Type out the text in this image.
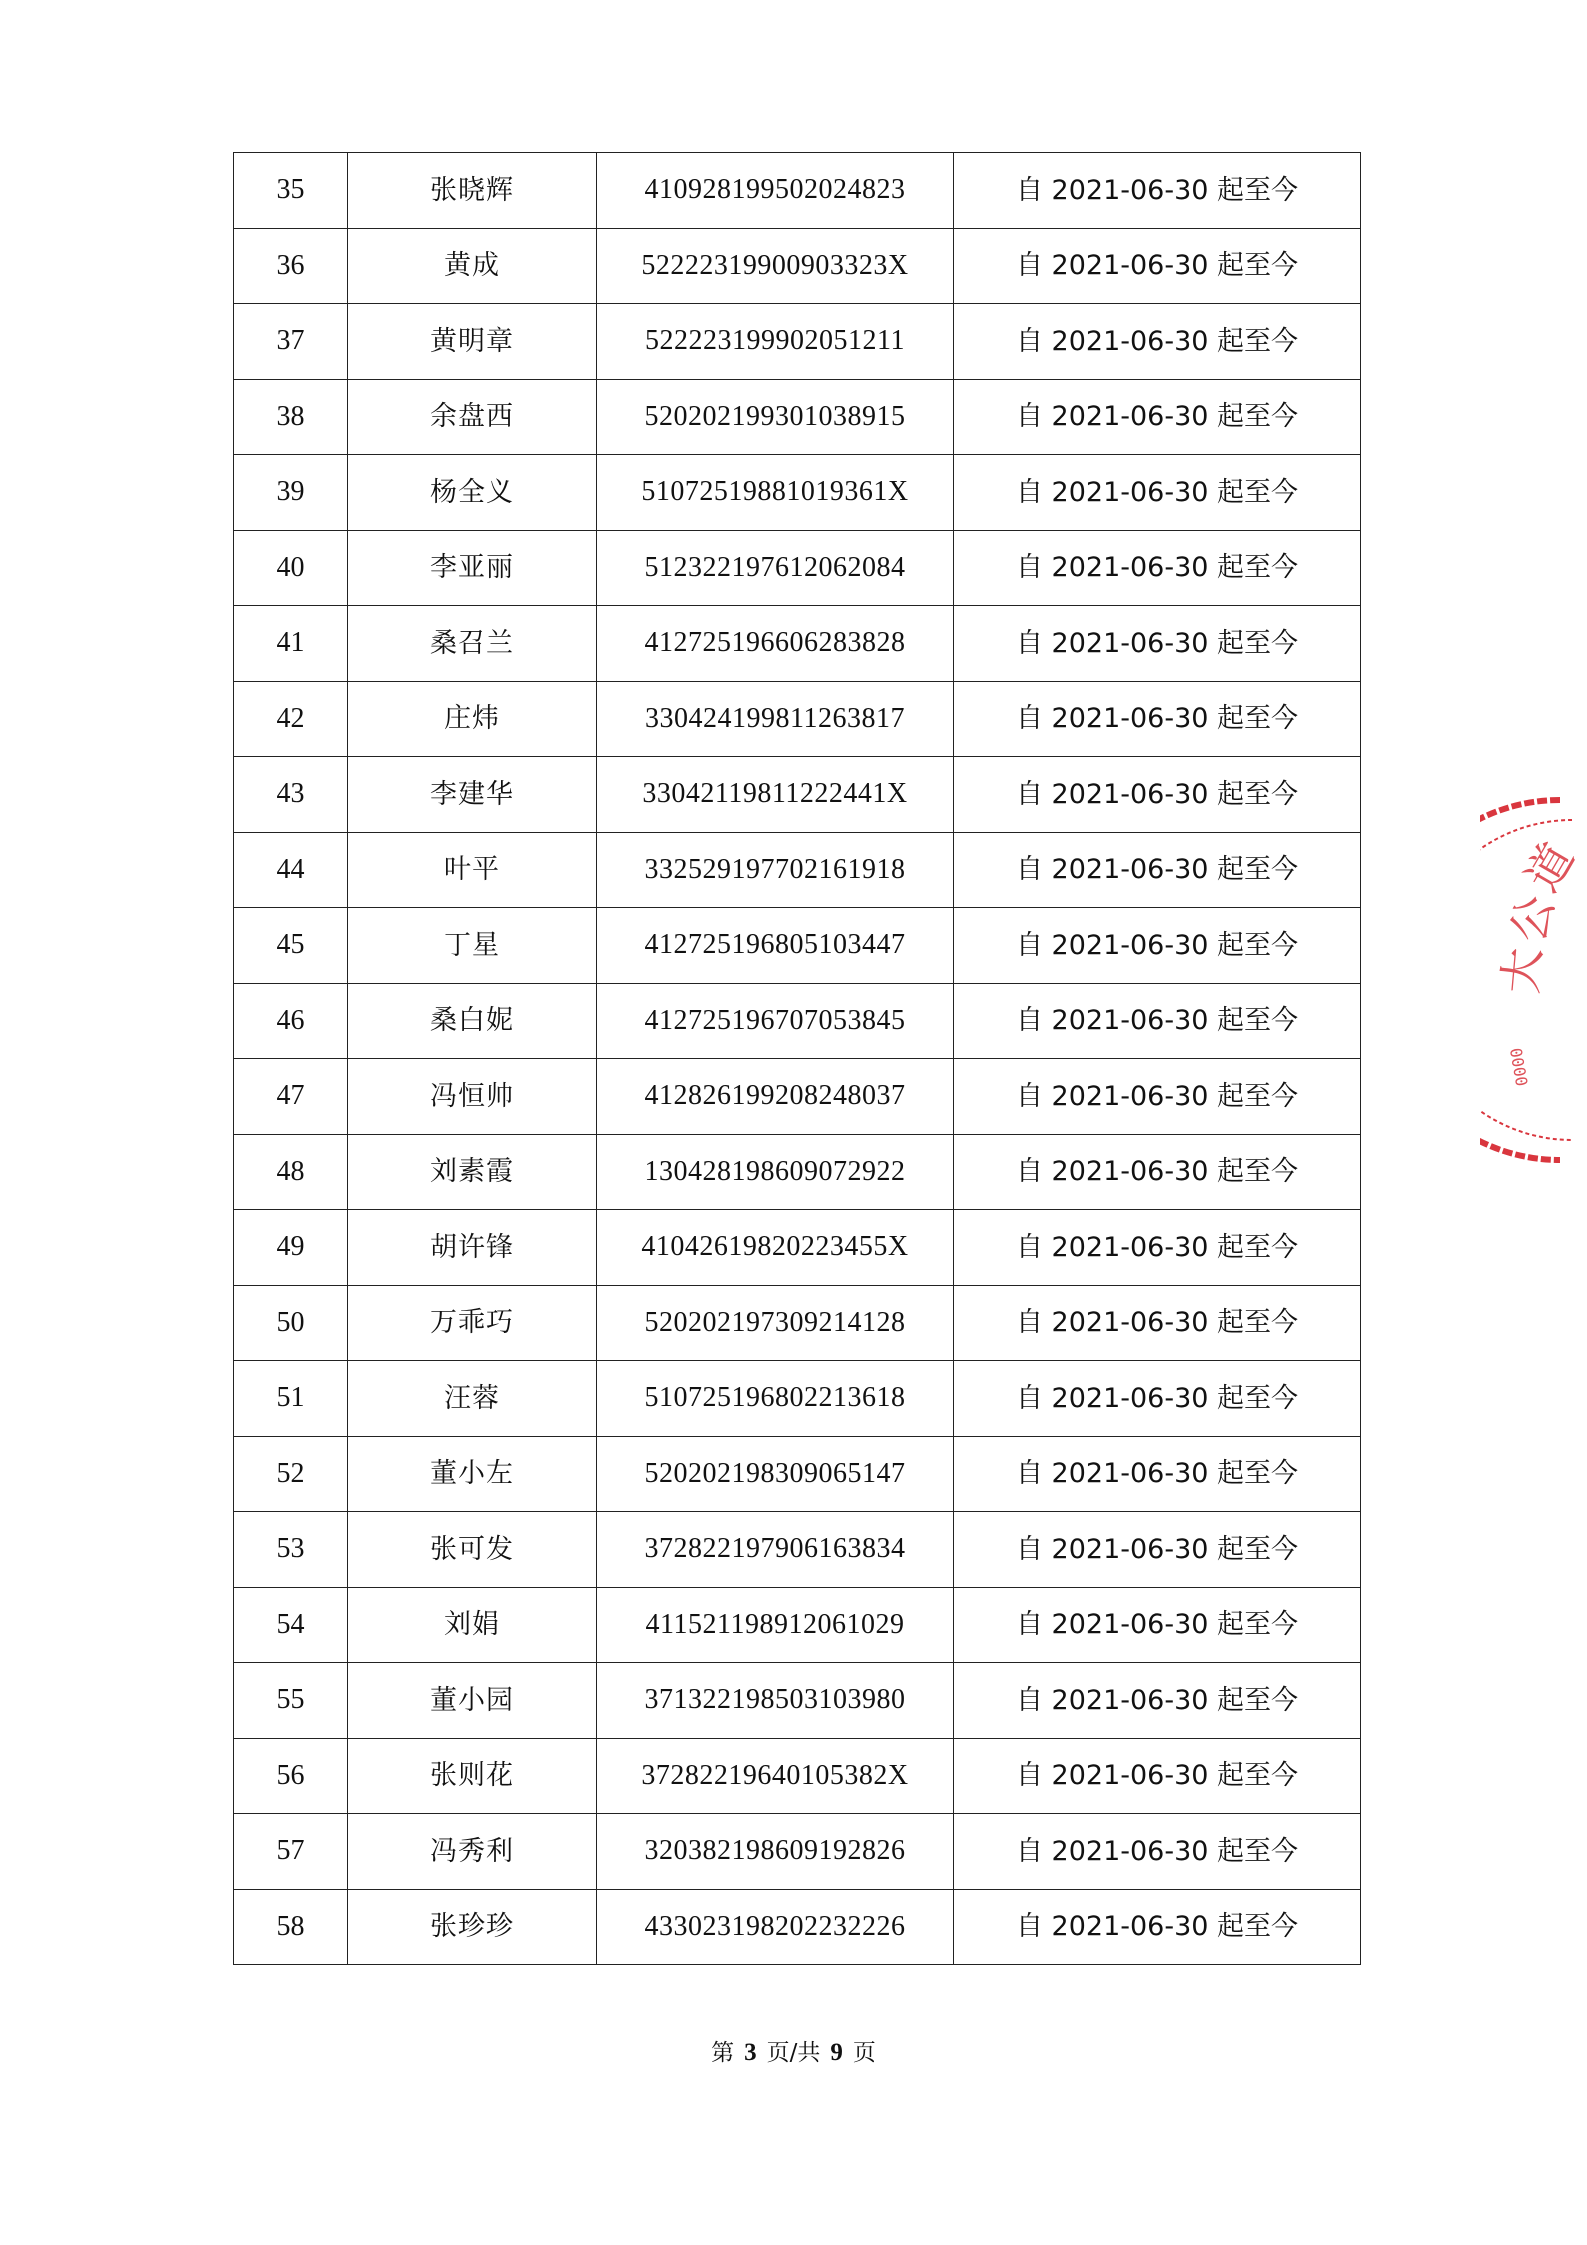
35	张晓辉	410928199502024823	自 2021-06-30 起至今
36	黄成	52222319900903323X	自 2021-06-30 起至今
37	黄明章	522223199902051211	自 2021-06-30 起至今
38	余盘西	520202199301038915	自 2021-06-30 起至今
39	杨全义	51072519881019361X	自 2021-06-30 起至今
40	李亚丽	512322197612062084	自 2021-06-30 起至今
41	桑召兰	412725196606283828	自 2021-06-30 起至今
42	庄炜	330424199811263817	自 2021-06-30 起至今
43	李建华	33042119811222441X	自 2021-06-30 起至今
44	叶平	332529197702161918	自 2021-06-30 起至今
45	丁星	412725196805103447	自 2021-06-30 起至今
46	桑白妮	412725196707053845	自 2021-06-30 起至今
47	冯恒帅	412826199208248037	自 2021-06-30 起至今
48	刘素霞	130428198609072922	自 2021-06-30 起至今
49	胡许锋	41042619820223455X	自 2021-06-30 起至今
50	万乖巧	520202197309214128	自 2021-06-30 起至今
51	汪蓉	510725196802213618	自 2021-06-30 起至今
52	董小左	520202198309065147	自 2021-06-30 起至今
53	张可发	372822197906163834	自 2021-06-30 起至今
54	刘娟	411521198912061029	自 2021-06-30 起至今
55	董小园	371322198503103980	自 2021-06-30 起至今
56	张则花	37282219640105382X	自 2021-06-30 起至今
57	冯秀利	320382198609192826	自 2021-06-30 起至今
58	张珍珍	433023198202232226	自 2021-06-30 起至今
第 3 页/共 9 页
道
公
大
0000
